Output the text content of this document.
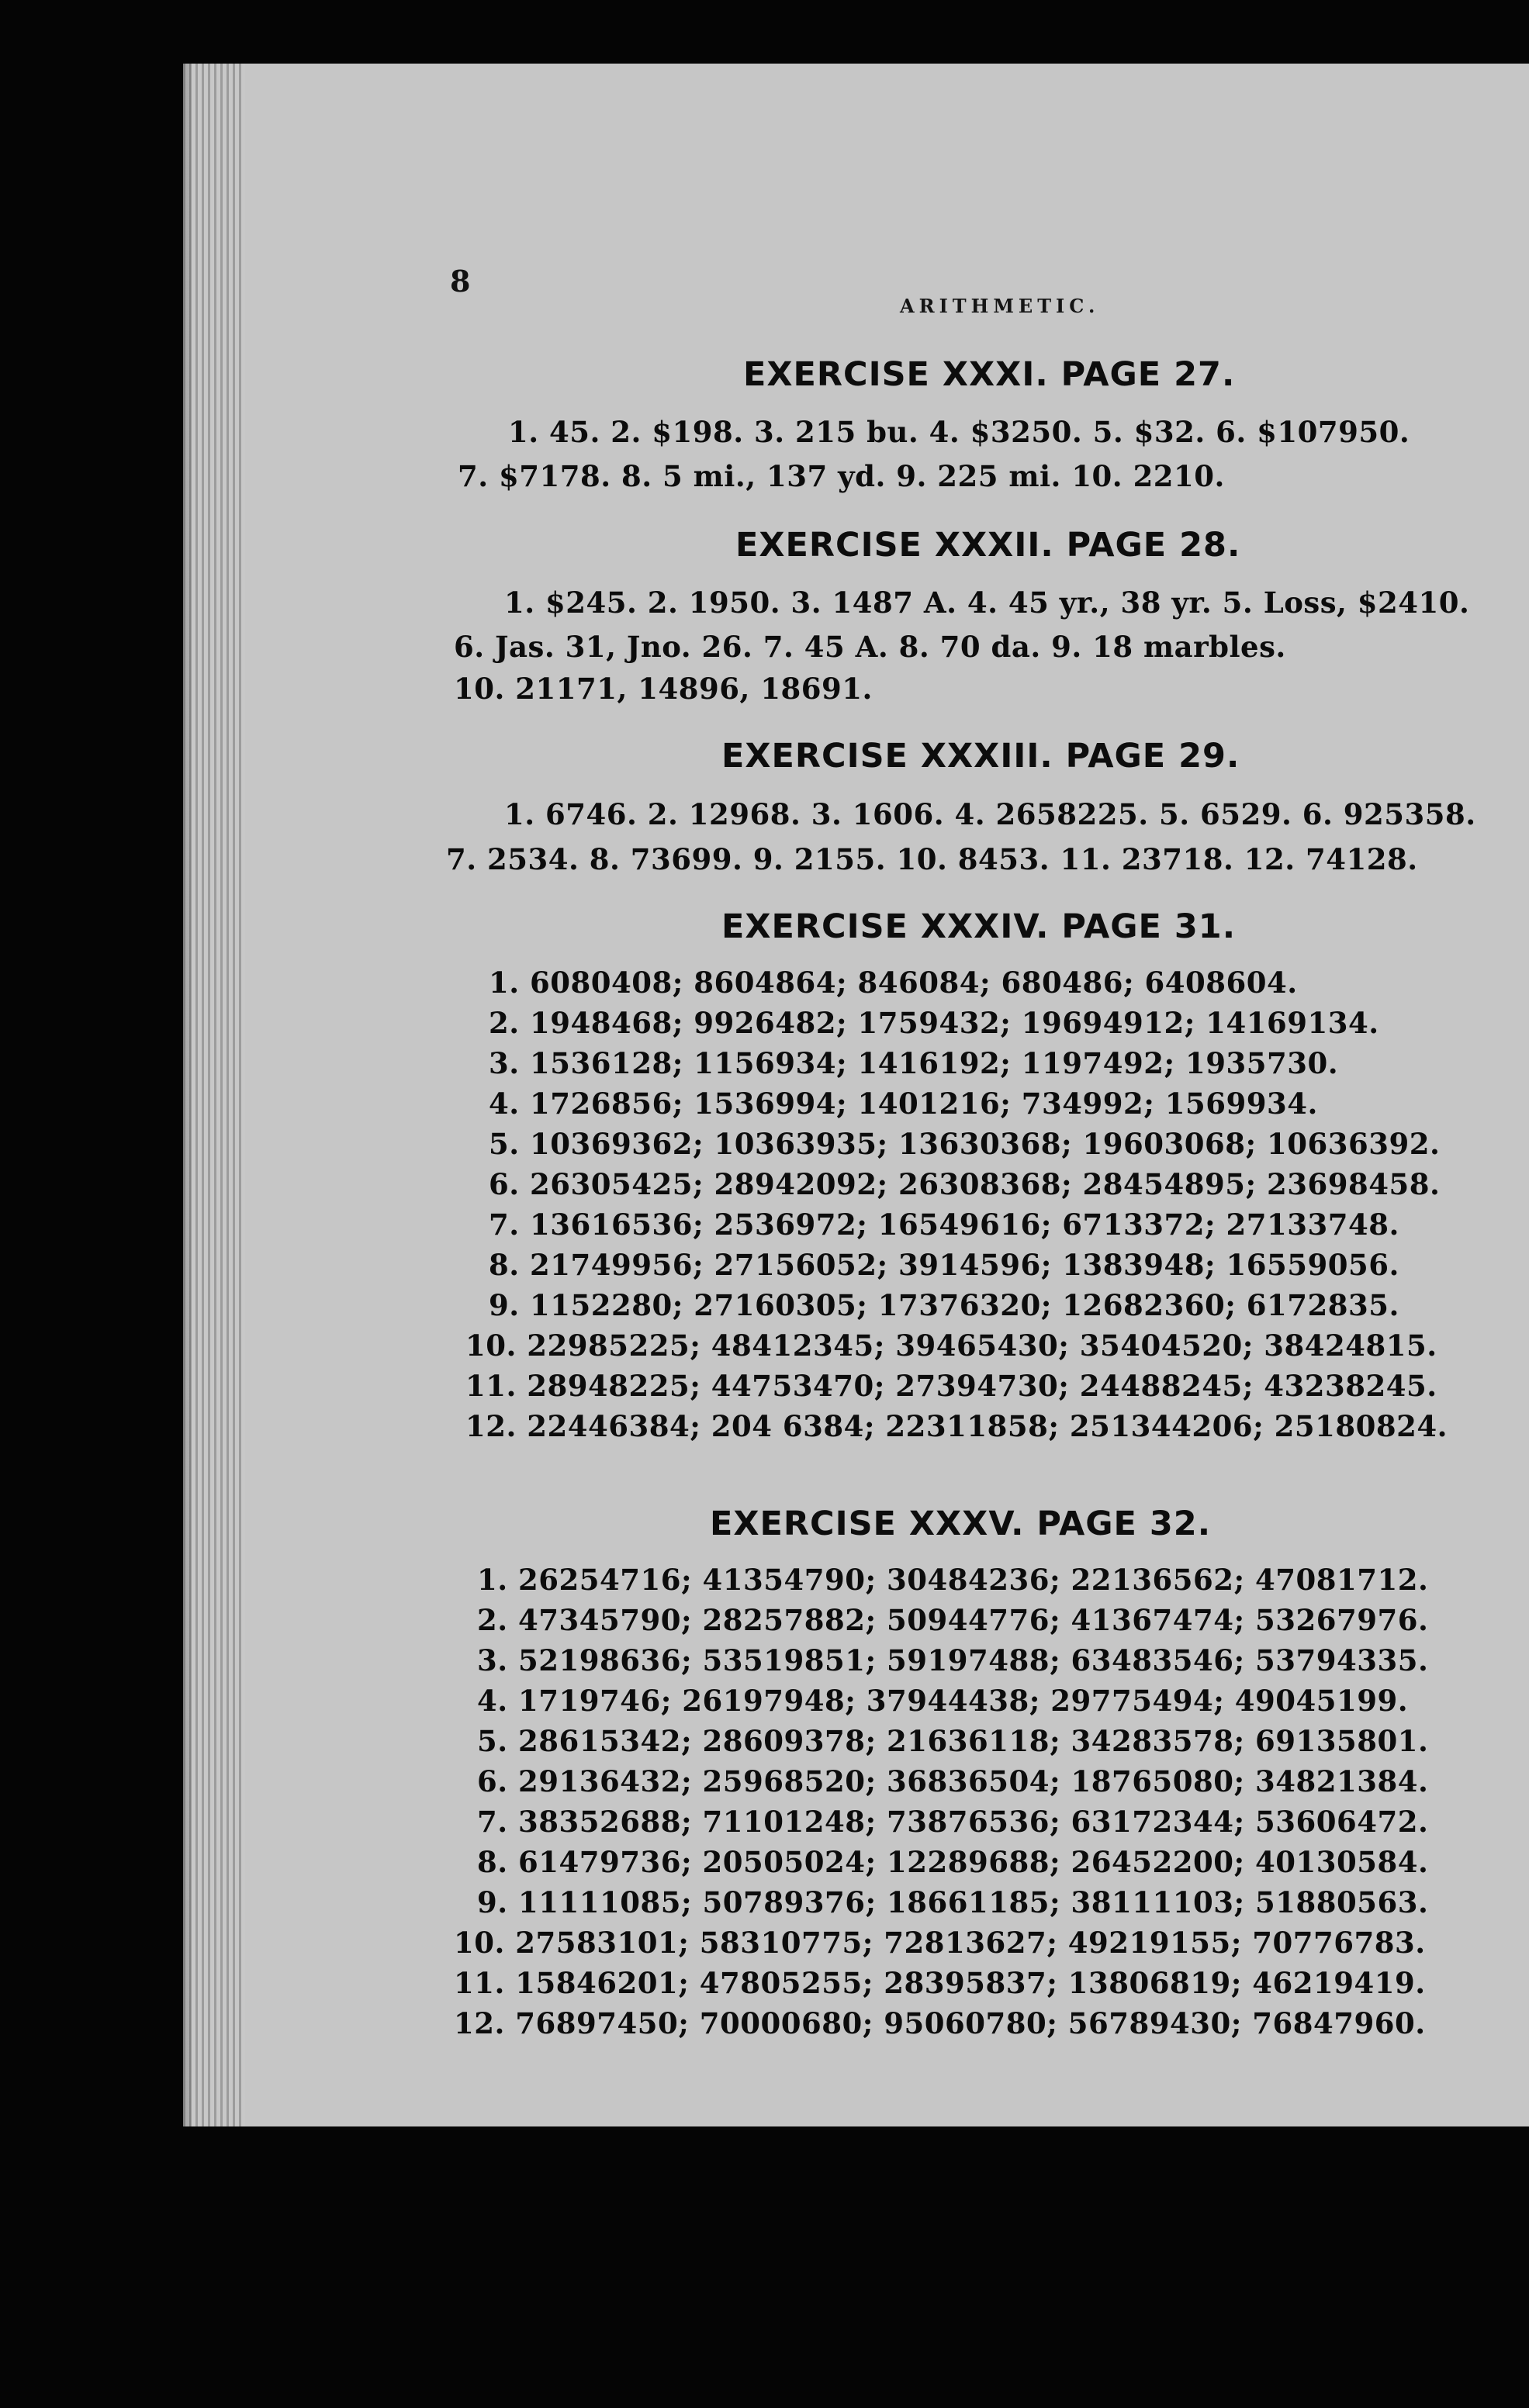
8
ARITHMETIC.
EXERCISE XXXI. PAGE 27.
1. 45. 2. $198. 3. 215 bu. 4. $3250. 5. $32. 6. $107950.
7. $7178. 8. 5 mi., 137 yd. 9. 225 mi. 10. 2210.
EXERCISE XXXII. PAGE 28.
1. $245. 2. 1950. 3. 1487 A. 4. 45 yr., 38 yr. 5. Loss, $2410.
6. Jas. 31, Jno. 26. 7. 45 A. 8. 70 da. 9. 18 marbles.
10. 21171, 14896, 18691.
EXERCISE XXXIII. PAGE 29.
1. 6746. 2. 12968. 3. 1606. 4. 2658225. 5. 6529. 6. 925358.
7. 2534. 8. 73699. 9. 2155. 10. 8453. 11. 23718. 12. 74128.
EXERCISE XXXIV. PAGE 31.
1. 6080408; 8604864; 846084; 680486; 6408604.
2. 1948468; 9926482; 1759432; 19694912; 14169134.
3. 1536128; 1156934; 1416192; 1197492; 1935730.
4. 1726856; 1536994; 1401216; 734992; 1569934.
5. 10369362; 10363935; 13630368; 19603068; 10636392.
6. 26305425; 28942092; 26308368; 28454895; 23698458.
7. 13616536; 2536972; 16549616; 6713372; 27133748.
8. 21749956; 27156052; 3914596; 1383948; 16559056.
9. 1152280; 27160305; 17376320; 12682360; 6172835.
10. 22985225; 48412345; 39465430; 35404520; 38424815.
11. 28948225; 44753470; 27394730; 24488245; 43238245.
12. 22446384; 204 6384; 22311858; 251344206; 25180824.
EXERCISE XXXV. PAGE 32.
1. 26254716; 41354790; 30484236; 22136562; 47081712.
2. 47345790; 28257882; 50944776; 41367474; 53267976.
3. 52198636; 53519851; 59197488; 63483546; 53794335.
4. 1719746; 26197948; 37944438; 29775494; 49045199.
5. 28615342; 28609378; 21636118; 34283578; 69135801.
6. 29136432; 25968520; 36836504; 18765080; 34821384.
7. 38352688; 71101248; 73876536; 63172344; 53606472.
8. 61479736; 20505024; 12289688; 26452200; 40130584.
9. 11111085; 50789376; 18661185; 38111103; 51880563.
10. 27583101; 58310775; 72813627; 49219155; 70776783.
11. 15846201; 47805255; 28395837; 13806819; 46219419.
12. 76897450; 70000680; 95060780; 56789430; 76847960.
